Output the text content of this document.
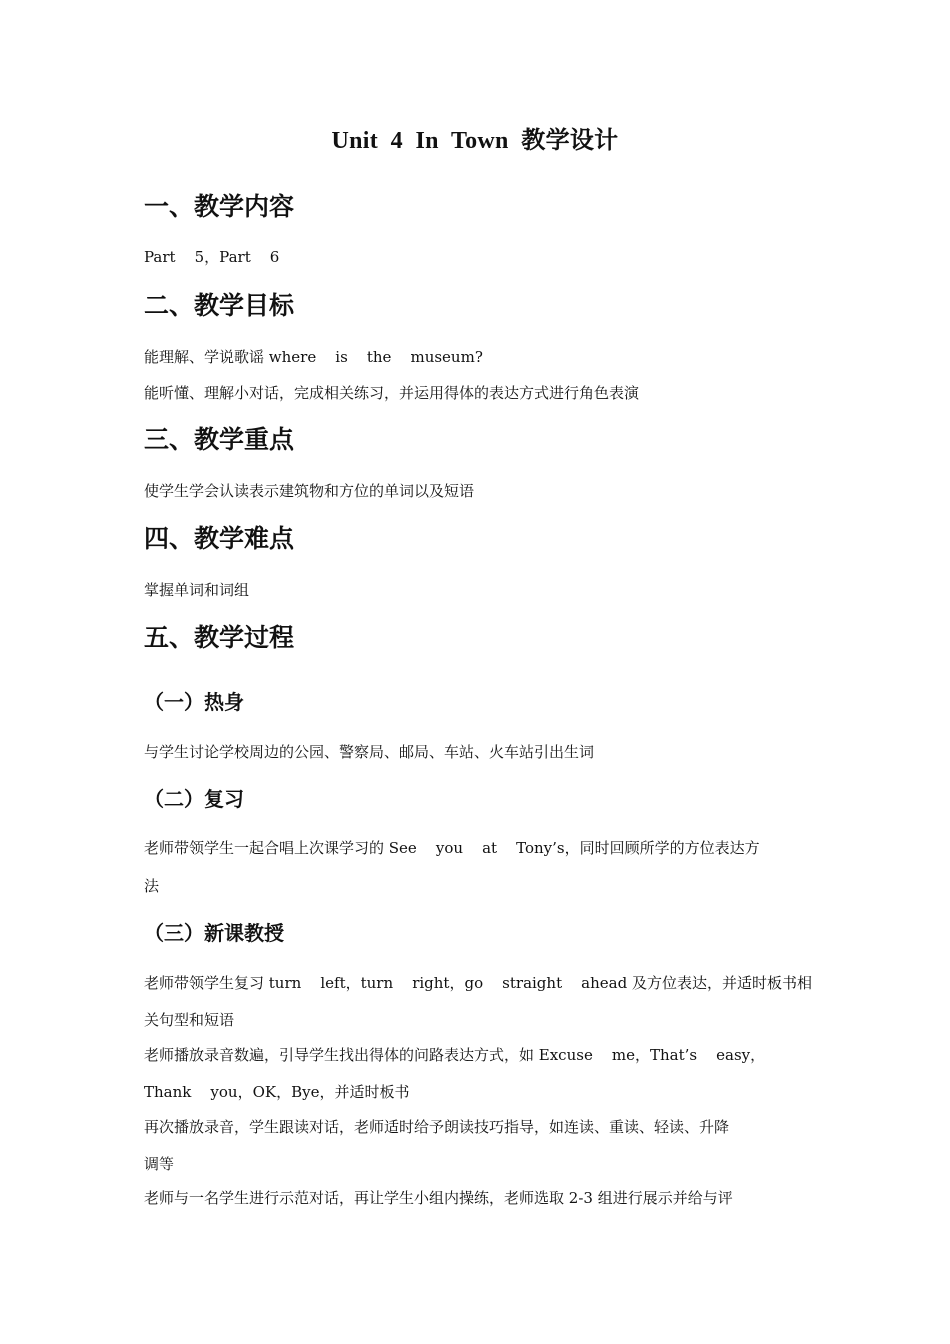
Unit  4  In  Town  教学设计
一、教学内容
Part    5，Part    6
二、教学目标
能理解、学说歌谣 where    is    the    museum?
能听懂、理解小对话，完成相关练习，并运用得体的表达方式进行角色表演
三、教学重点
使学生学会认读表示建筑物和方位的单词以及短语
四、教学难点
掌握单词和词组
五、教学过程
（一）热身
与学生讨论学校周边的公园、警察局、邮局、车站、火车站引出生词
（二）复习
老师带领学生一起合唱上次课学习的 See    you    at    Tony’s，同时回顾所学的方位表达方
法
（三）新课教授
老师带领学生复习 turn    left，turn    right，go    straight    ahead 及方位表达，并适时板书相
关句型和短语
老师播放录音数遍，引导学生找出得体的问路表达方式，如 Excuse    me，That’s    easy，
Thank    you，OK，Bye，并适时板书
再次播放录音，学生跟读对话，老师适时给予朗读技巧指导，如连读、重读、轻读、升降
调等
老师与一名学生进行示范对话，再让学生小组内操练，老师选取 2-3 组进行展示并给与评
